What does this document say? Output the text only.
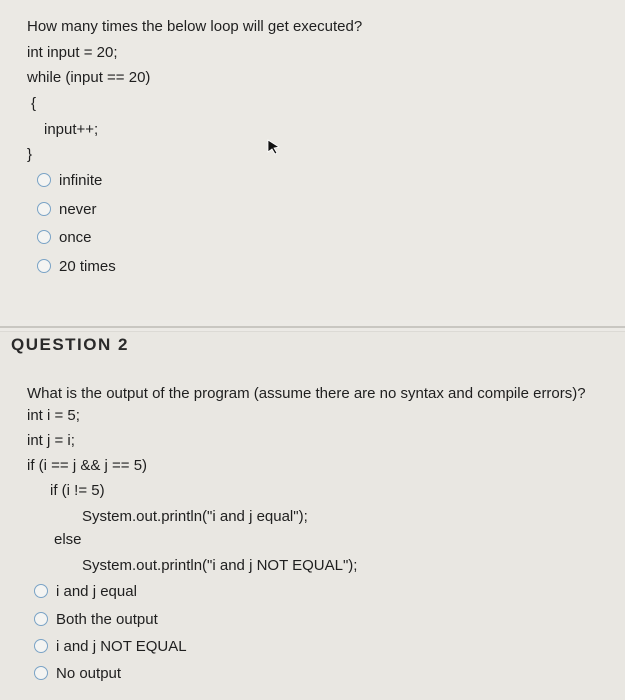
How many times the below loop will get executed?
int input = 20;
while (input == 20)
{
input++;
}
infinite
never
once
20 times
QUESTION 2
What is the output of the program (assume there are no syntax and compile errors)?
int i = 5;
int j = i;
if (i == j && j == 5)
if (i != 5)
System.out.println("i and j equal");
else
System.out.println("i and j NOT EQUAL");
i and j equal
Both the output
i and j NOT EQUAL
No output
